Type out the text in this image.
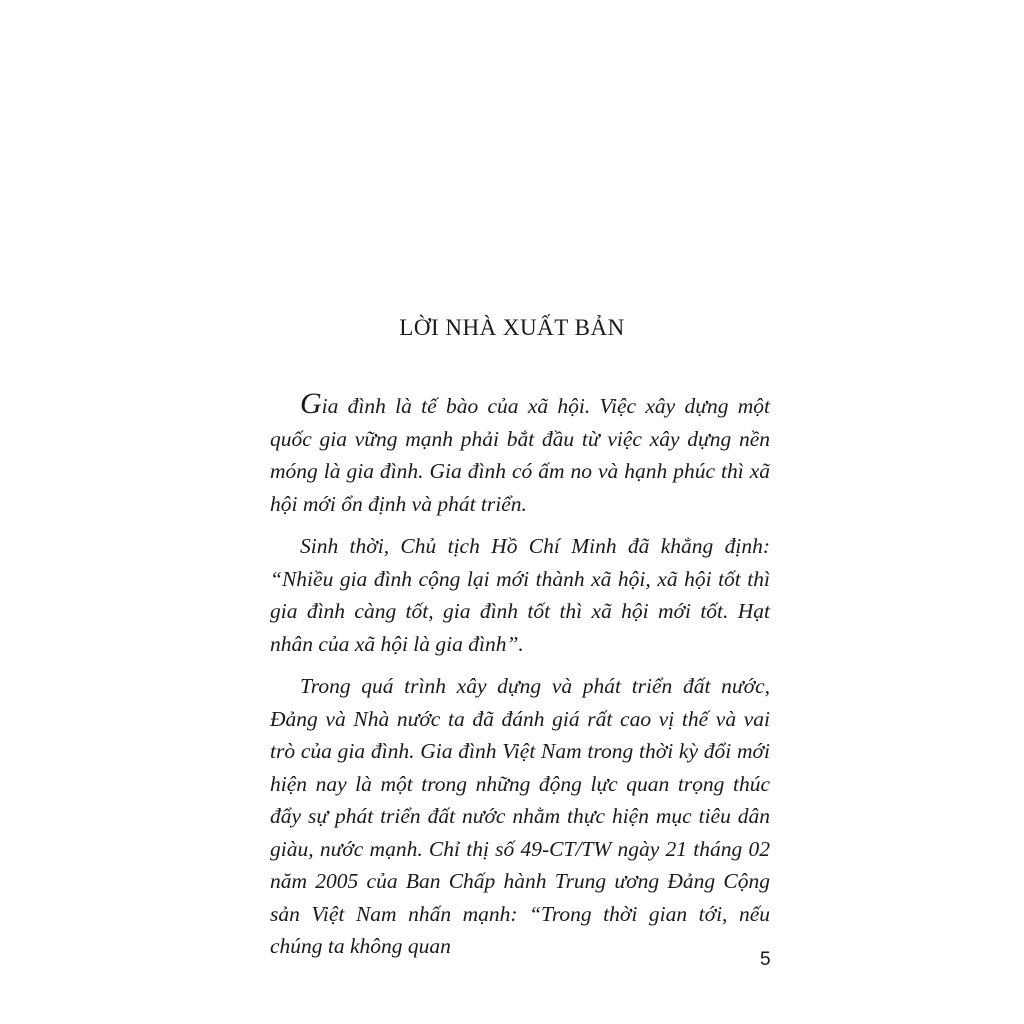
LỜI NHÀ XUẤT BẢN

Gia đình là tế bào của xã hội. Việc xây dựng một quốc gia vững mạnh phải bắt đầu từ việc xây dựng nền móng là gia đình. Gia đình có ấm no và hạnh phúc thì xã hội mới ổn định và phát triển.

Sinh thời, Chủ tịch Hồ Chí Minh đã khẳng định: “Nhiều gia đình cộng lại mới thành xã hội, xã hội tốt thì gia đình càng tốt, gia đình tốt thì xã hội mới tốt. Hạt nhân của xã hội là gia đình”.

Trong quá trình xây dựng và phát triển đất nước, Đảng và Nhà nước ta đã đánh giá rất cao vị thế và vai trò của gia đình. Gia đình Việt Nam trong thời kỳ đổi mới hiện nay là một trong những động lực quan trọng thúc đẩy sự phát triển đất nước nhằm thực hiện mục tiêu dân giàu, nước mạnh. Chỉ thị số 49-CT/TW ngày 21 tháng 02 năm 2005 của Ban Chấp hành Trung ương Đảng Cộng sản Việt Nam nhấn mạnh: “Trong thời gian tới, nếu chúng ta không quan

5
